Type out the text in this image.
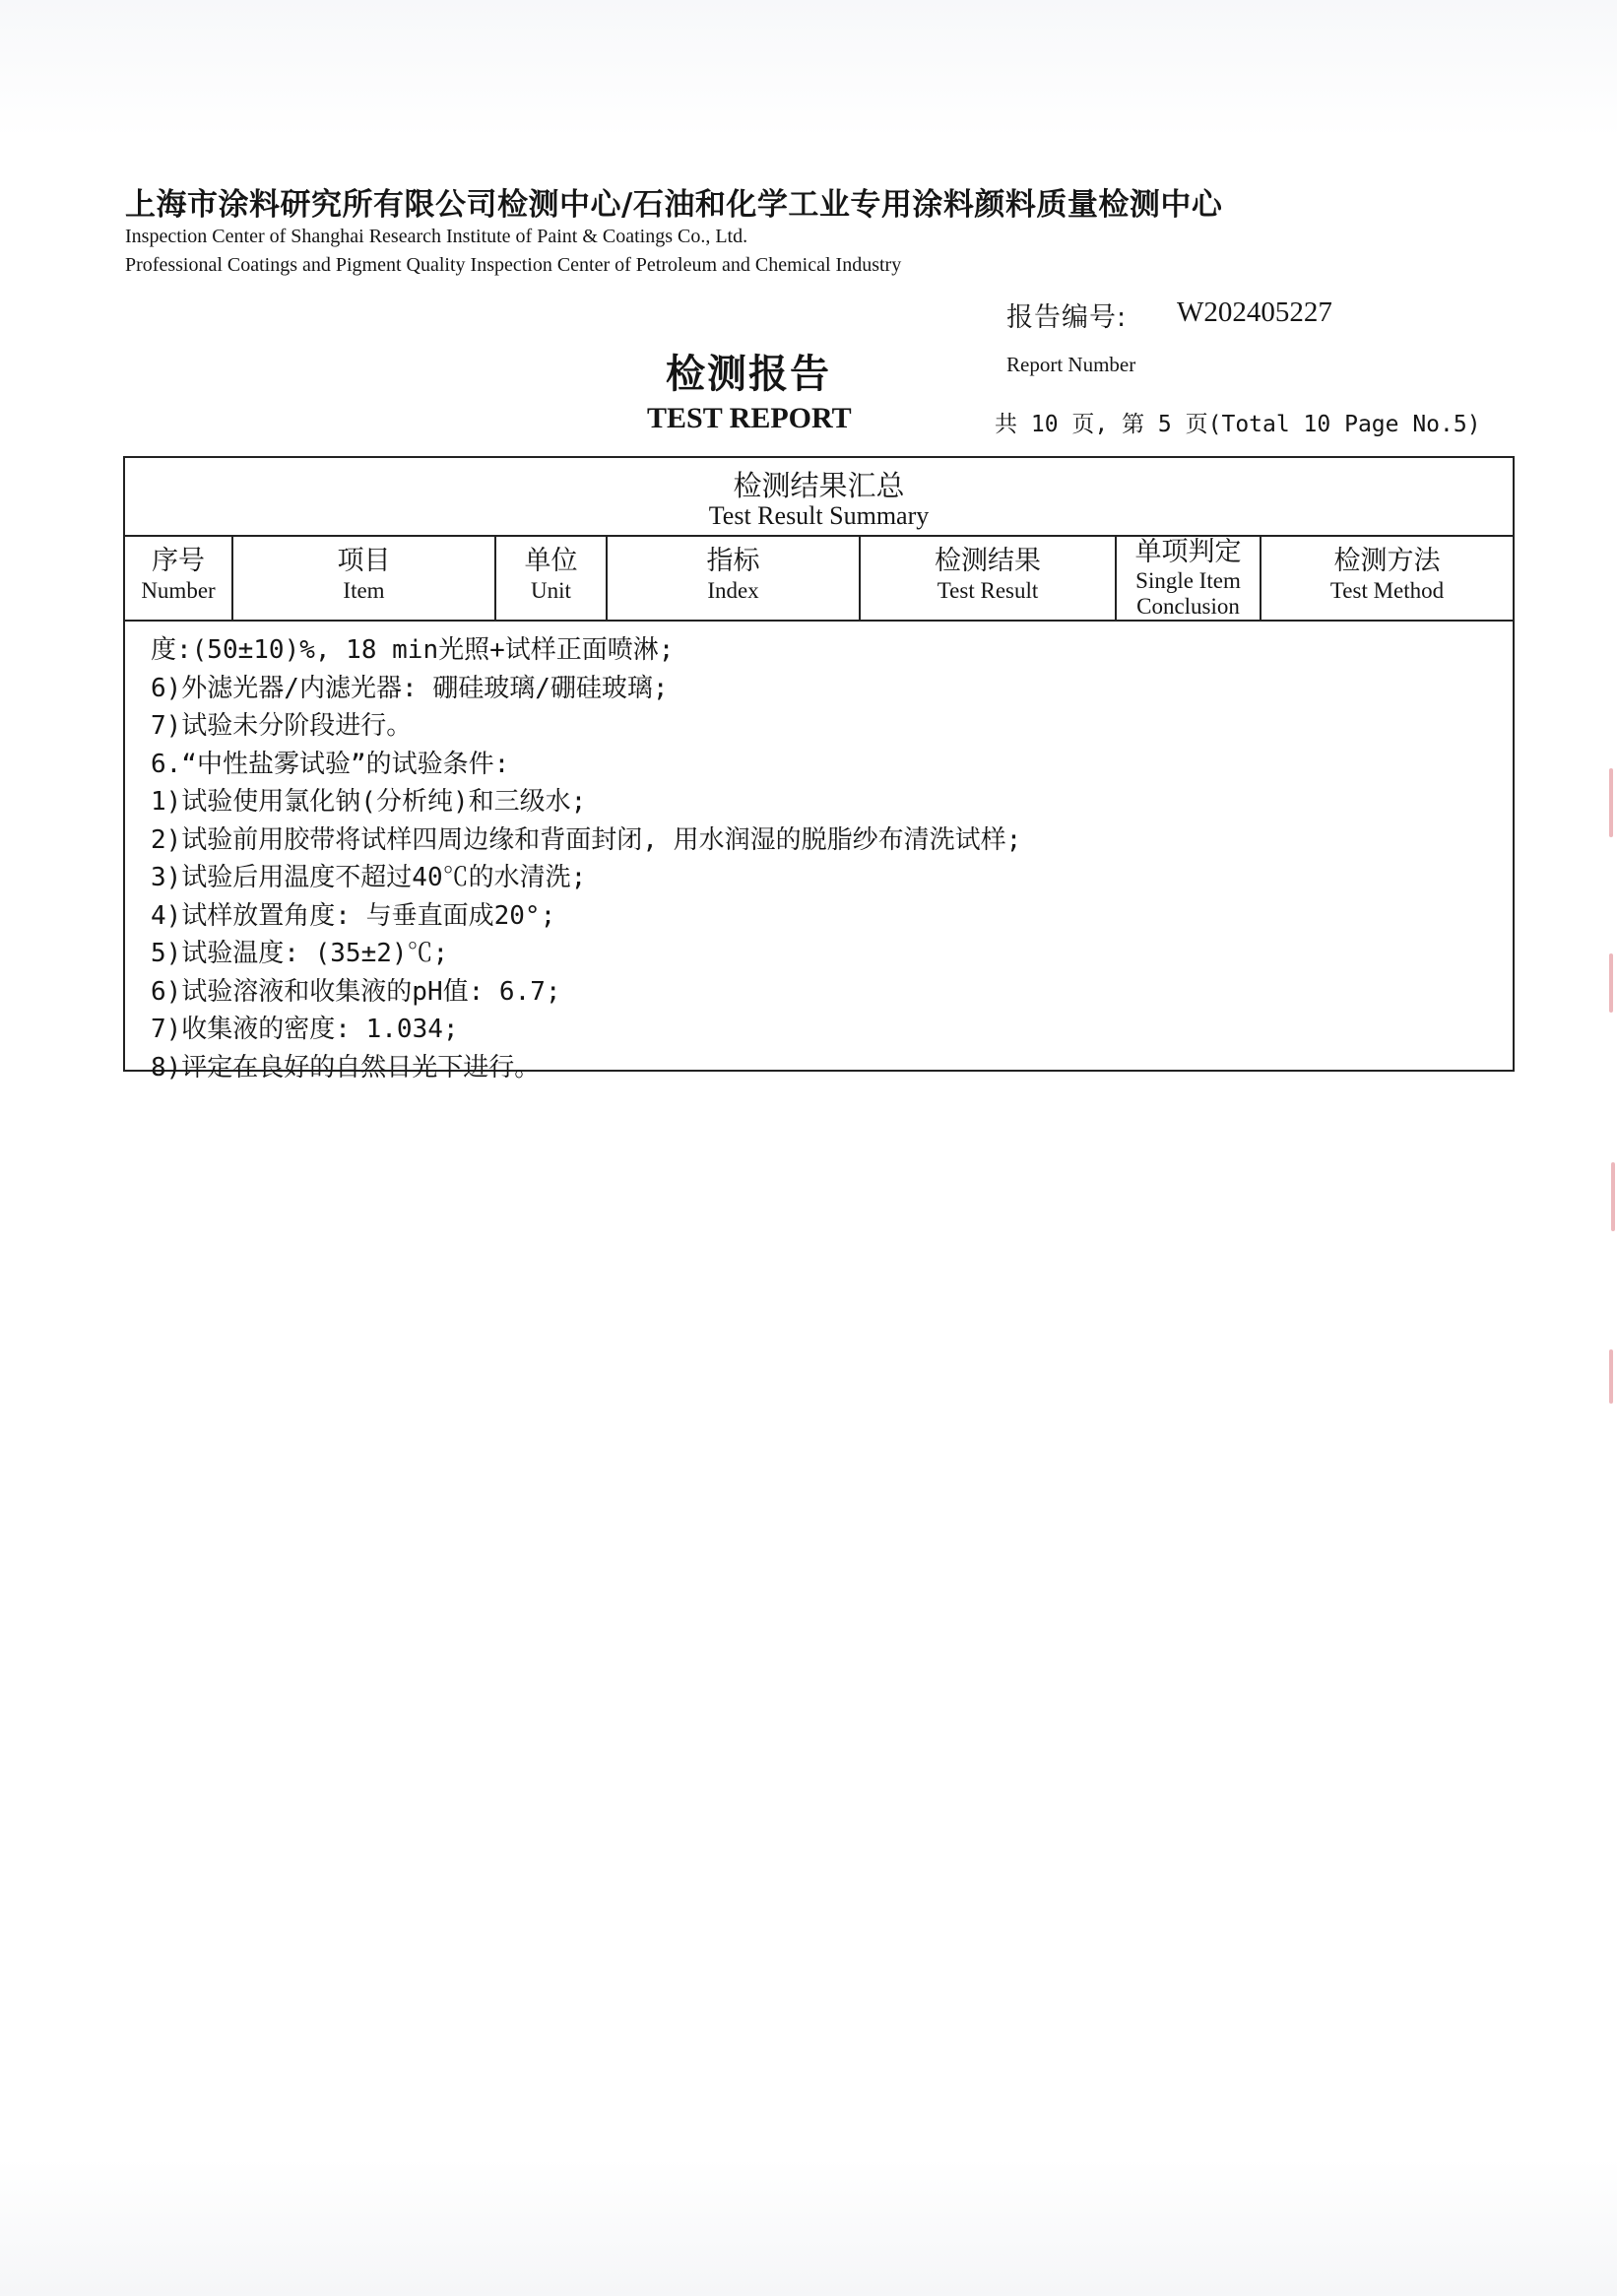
上海市涂料研究所有限公司检测中心/石油和化学工业专用涂料颜料质量检测中心
Inspection Center of Shanghai Research Institute of Paint & Coatings Co., Ltd.
Professional Coatings and Pigment Quality Inspection Center of Petroleum and Chemical Industry
报告编号: W202405227
Report Number
检测报告
TEST REPORT	共 10 页, 第 5 页(Total 10 Page No.5)
检测结果汇总
Test Result Summary
序号
Number
项目
Item
单位
Unit
指标
Index
检测结果
Test Result
单项判定
Single Item
Conclusion
检测方法
Test Method
度:(50±10)%, 18 min光照+试样正面喷淋;
6)外滤光器/内滤光器: 硼硅玻璃/硼硅玻璃;
7)试验未分阶段进行。
6.“中性盐雾试验”的试验条件:
1)试验使用氯化钠(分析纯)和三级水;
2)试验前用胶带将试样四周边缘和背面封闭, 用水润湿的脱脂纱布清洗试样;
3)试验后用温度不超过40℃的水清洗;
4)试样放置角度: 与垂直面成20°;
5)试验温度: (35±2)℃;
6)试验溶液和收集液的pH值: 6.7;
7)收集液的密度: 1.034;
8)评定在良好的自然日光下进行。
